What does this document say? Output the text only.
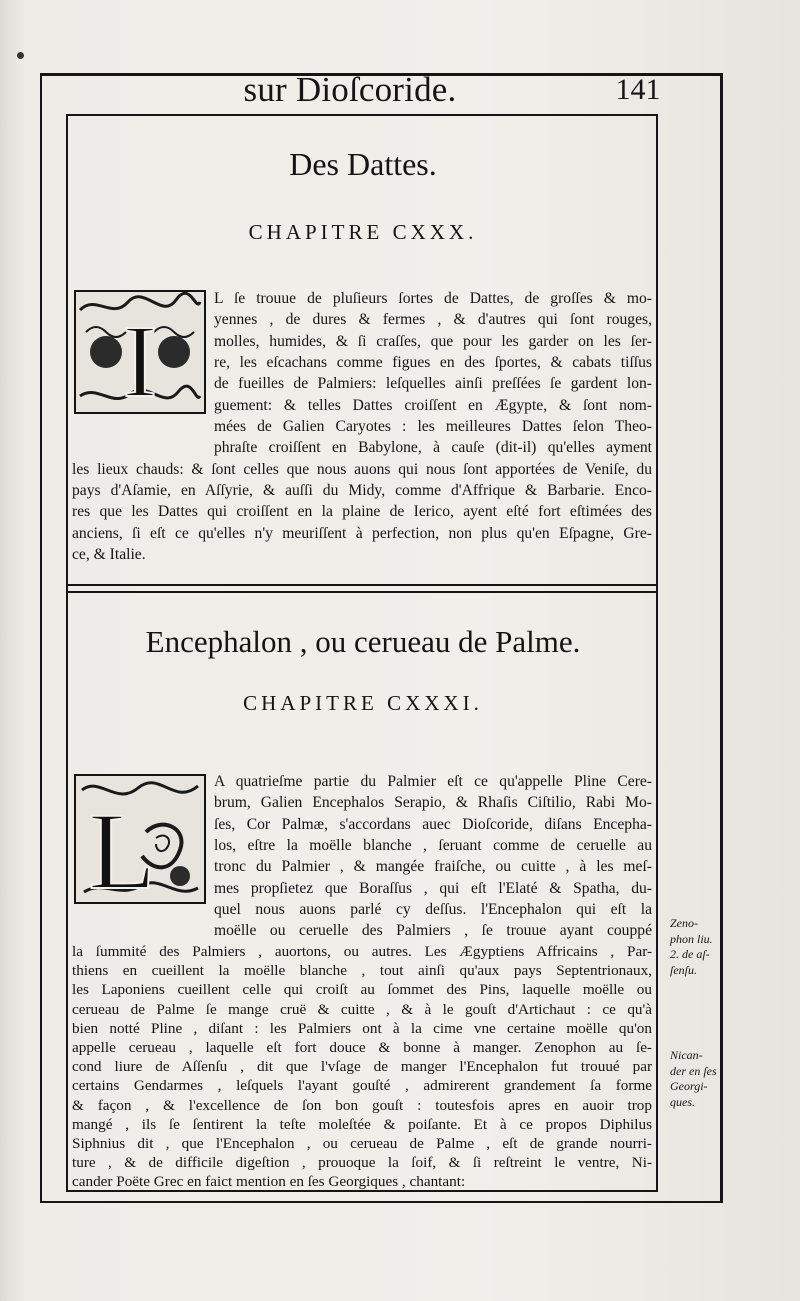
sur Dioſcoride.	141
Des Dattes.
CHAPITRE CXXX.
I
L ſe trouue de pluſieurs ſortes de Dattes, de groſſes & mo-
yennes , de dures & fermes , & d'autres qui ſont rouges,
molles, humides, & ſi craſſes, que pour les garder on les ſer-
re, les eſcachans comme figues en des ſportes, & cabats tiſſus
de fueilles de Palmiers: leſquelles ainſi preſſées ſe gardent lon-
guement: & telles Dattes croiſſent en Ægypte, & ſont nom-
mées de Galien Caryotes : les meilleures Dattes ſelon Theo-
phraſte croiſſent en Babylone, à cauſe (dit-il) qu'elles ayment
les lieux chauds: & ſont celles que nous auons qui nous ſont apportées de Veniſe, du
pays d'Aſamie, en Aſſyrie, & auſſi du Midy, comme d'Affrique & Barbarie. Enco-
res que les Dattes qui croiſſent en la plaine de Ierico, ayent eſté fort eſtimées des
anciens, ſi eſt ce qu'elles n'y meuriſſent à perfection, non plus qu'en Eſpagne, Gre-
ce, & Italie.
Encephalon , ou cerueau de Palme.
CHAPITRE CXXXI.
L
A quatrieſme partie du Palmier eſt ce qu'appelle Pline Cere-
brum, Galien Encephalos Serapio, & Rhaſis Ciſtilio, Rabi Mo-
ſes, Cor Palmæ, s'accordans auec Dioſcoride, diſans Encepha-
los, eſtre la moëlle blanche , ſeruant comme de ceruelle au
tronc du Palmier , & mangée fraiſche, ou cuitte , à les meſ-
mes propſietez que Boraſſus , qui eſt l'Elaté & Spatha, du-
quel nous auons parlé cy deſſus. l'Encephalon qui eſt la
moëlle ou ceruelle des Palmiers , ſe trouue ayant couppé
la ſummité des Palmiers , auortons, ou autres. Les Ægyptiens Affricains , Par-
thiens en cueillent la moëlle blanche , tout ainſi qu'aux pays Septentrionaux,
les Laponiens cueillent celle qui croiſt au ſommet des Pins, laquelle moëlle ou
cerueau de Palme ſe mange cruë & cuitte , & à le gouſt d'Artichaut : ce qu'à
bien notté Pline , diſant : les Palmiers ont à la cime vne certaine moëlle qu'on
appelle cerueau , laquelle eſt fort douce & bonne à manger. Zenophon au ſe-
cond liure de Aſſenſu , dit que l'vſage de manger l'Encephalon fut trouué par
certains Gendarmes , leſquels l'ayant gouſté , admirerent grandement ſa forme
& façon , & l'excellence de ſon bon gouſt : toutesfois apres en auoir trop
mangé , ils ſe ſentirent la teſte moleſtée & poiſante. Et à ce propos Diphilus
Siphnius dit , que l'Encephalon , ou cerueau de Palme , eſt de grande nourri-
ture , & de difficile digeſtion , prouoque la ſoif, & ſi reſtreint le ventre, Ni-
cander Poëte Grec en faict mention en ſes Georgiques , chantant:
Zeno-
phon liu.
2. de aſ-
ſenſu.
Nican-
der en ſes
Georgi-
ques.
